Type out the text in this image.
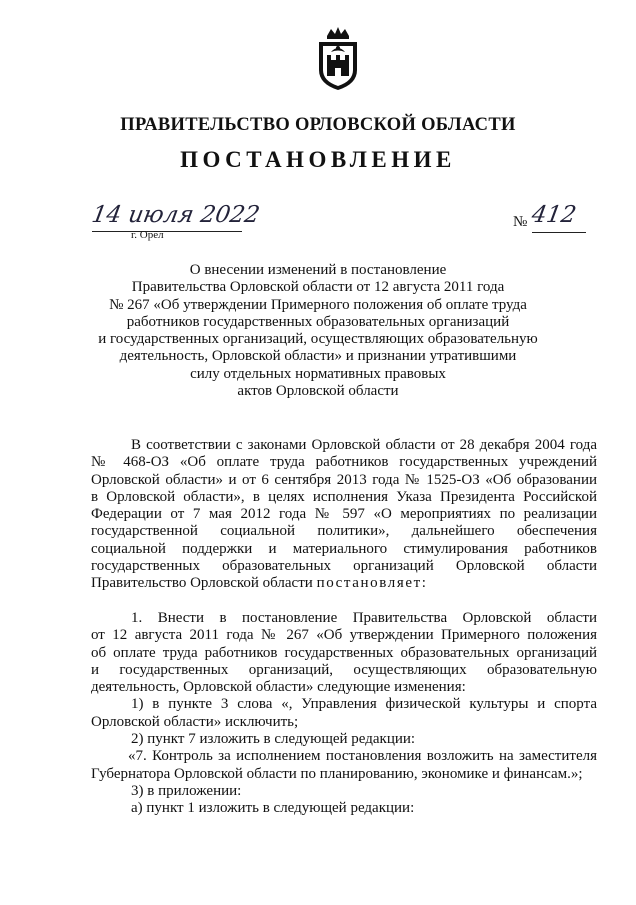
ПРАВИТЕЛЬСТВО ОРЛОВСКОЙ ОБЛАСТИ
ПОСТАНОВЛЕНИЕ
14 июля 2022
г. Орёл
№ 412
О внесении изменений в постановление
Правительства Орловской области от 12 августа 2011 года
№ 267 «Об утверждении Примерного положения об оплате труда
работников государственных образовательных организаций
и государственных организаций, осуществляющих образовательную
деятельность, Орловской области» и признании утратившими
силу отдельных нормативных правовых
актов Орловской области
В соответствии с законами Орловской области от 28 декабря 2004 года
№ 468-ОЗ «Об оплате труда работников государственных учреждений
Орловской области» и от 6 сентября 2013 года № 1525-ОЗ «Об образовании
в Орловской области», в целях исполнения Указа Президента Российской
Федерации от 7 мая 2012 года № 597 «О мероприятиях по реализации
государственной социальной политики», дальнейшего обеспечения
социальной поддержки и материального стимулирования работников
государственных образовательных организаций Орловской области
Правительство Орловской области постановляет:
1. Внести в постановление Правительства Орловской области
от 12 августа 2011 года № 267 «Об утверждении Примерного положения
об оплате труда работников государственных образовательных организаций
и государственных организаций, осуществляющих образовательную
деятельность, Орловской области» следующие изменения:
1) в пункте 3 слова «, Управления физической культуры и спорта
Орловской области» исключить;
2) пункт 7 изложить в следующей редакции:
«7. Контроль за исполнением постановления возложить на заместителя
Губернатора Орловской области по планированию, экономике и финансам.»;
3) в приложении:
а) пункт 1 изложить в следующей редакции:
